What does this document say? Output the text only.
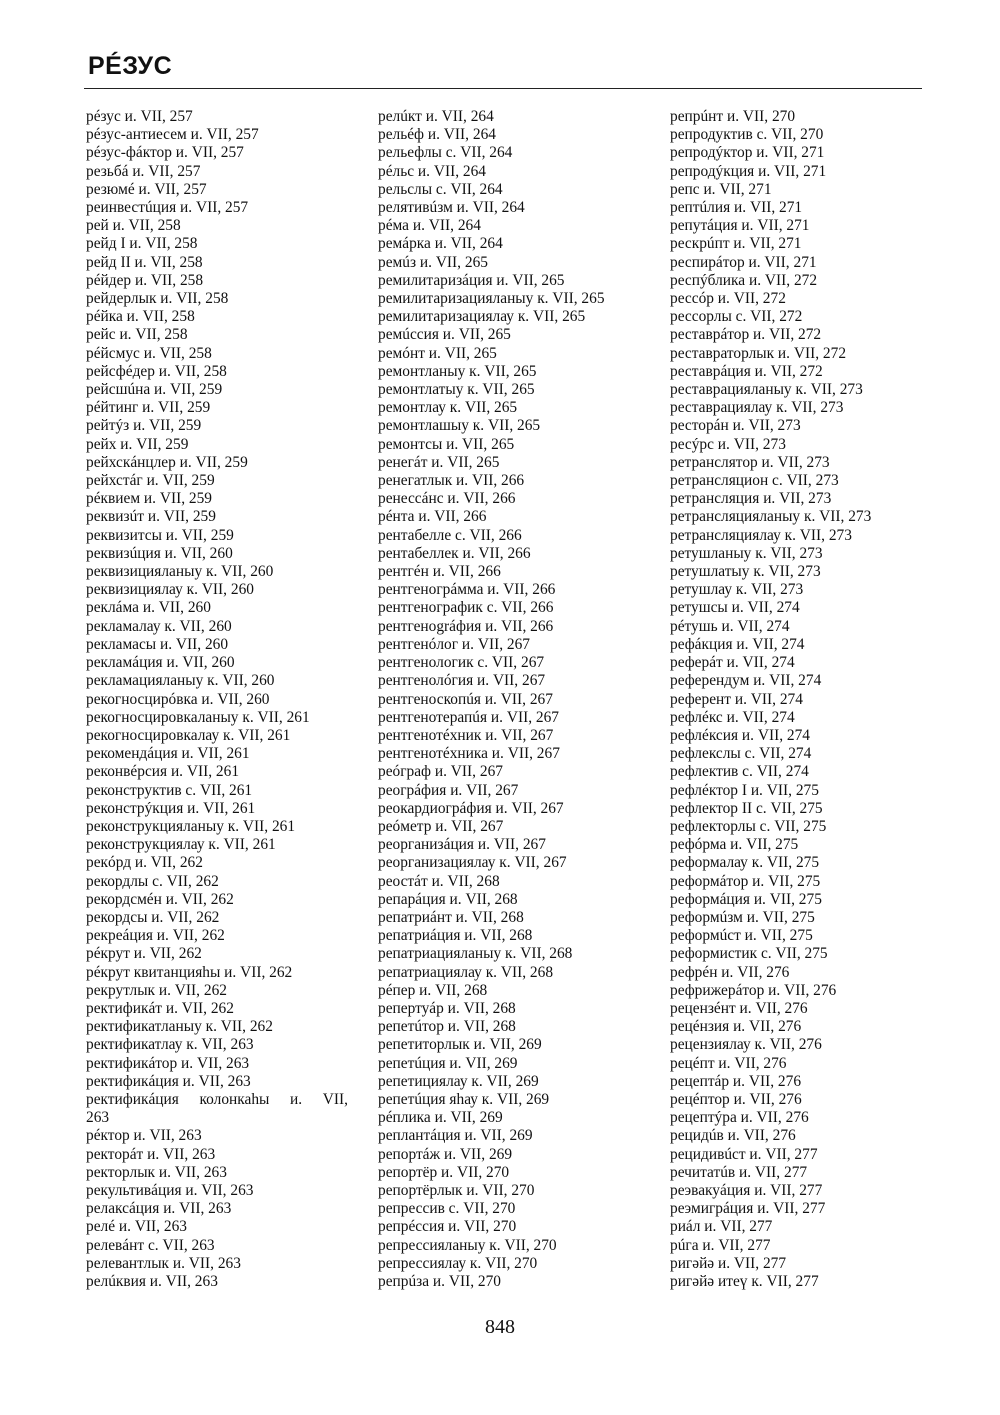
РÉЗУС
рéзус и. VII, 257
рéзус-антиесем и. VII, 257
рéзус-фáктор и. VII, 257
резьбá и. VII, 257
резюмé и. VII, 257
реинвестúция и. VII, 257
рей и. VII, 258
рейд I и. VII, 258
рейд II и. VII, 258
рéйдер и. VII, 258
рейдерлык и. VII, 258
рéйка и. VII, 258
рейс и. VII, 258
рéйсмус и. VII, 258
рейсфéдер и. VII, 258
рейсшúна и. VII, 259
рéйтинг и. VII, 259
рейтýз и. VII, 259
рейх и. VII, 259
рейхскáнцлер и. VII, 259
рейхстáг и. VII, 259
рéквием и. VII, 259
реквизúт и. VII, 259
реквизитсы и. VII, 259
реквизúция и. VII, 260
реквизицияланыу к. VII, 260
реквизициялау к. VII, 260
реклáма и. VII, 260
рекламалау к. VII, 260
рекламасы и. VII, 260
рекламáция и. VII, 260
рекламацияланыу к. VII, 260
рекогносцирóвка и. VII, 260
рекогносцировкаланыу к. VII, 261
рекогносцировкалау к. VII, 261
рекомендáция и. VII, 261
реконвéрсия и. VII, 261
реконструктив с. VII, 261
реконстрýкция и. VII, 261
реконструкцияланыу к. VII, 261
реконструкциялау к. VII, 261
рекóрд и. VII, 262
рекордлы с. VII, 262
рекордсмéн и. VII, 262
рекордсы и. VII, 262
рекреáция и. VII, 262
рéкрут и. VII, 262
рéкрут квитанцияһы и. VII, 262
рекрутлык и. VII, 262
ректификáт и. VII, 262
ректификатланыу к. VII, 262
ректификатлау к. VII, 263
ректификáтор и. VII, 263
ректификáция и. VII, 263
ректификáция колонкаһы и. VII,
263
рéктор и. VII, 263
ректорáт и. VII, 263
ректорлык и. VII, 263
рекультивáция и. VII, 263
релаксáция и. VII, 263
релé и. VII, 263
релевáнт с. VII, 263
релевантлык и. VII, 263
релúквия и. VII, 263
релúкт и. VII, 264
рельéф и. VII, 264
рельефлы с. VII, 264
рéльс и. VII, 264
рельслы с. VII, 264
релятивúзм и. VII, 264
рéма и. VII, 264
ремáрка и. VII, 264
ремúз и. VII, 265
ремилитаризáция и. VII, 265
ремилитаризацияланыу к. VII, 265
ремилитаризациялау к. VII, 265
ремúссия и. VII, 265
ремóнт и. VII, 265
ремонтланыу к. VII, 265
ремонтлатыу к. VII, 265
ремонтлау к. VII, 265
ремонтлашыу к. VII, 265
ремонтсы и. VII, 265
ренегáт и. VII, 265
ренегатлык и. VII, 266
ренессáнс и. VII, 266
рéнта и. VII, 266
рентабелле с. VII, 266
рентабеллек и. VII, 266
рентгéн и. VII, 266
рентгеногрáмма и. VII, 266
рентгенографик с. VII, 266
рентгенográфия и. VII, 266
рентгенóлог и. VII, 267
рентгенологик с. VII, 267
рентгенолóгия и. VII, 267
рентгеноскопúя и. VII, 267
рентгенотерапúя и. VII, 267
рентгенотéхник и. VII, 267
рентгенотéхника и. VII, 267
реóграф и. VII, 267
реогрáфия и. VII, 267
реокардиогрáфия и. VII, 267
реóметр и. VII, 267
реорганизáция и. VII, 267
реорганизациялау к. VII, 267
реостáт и. VII, 268
репарáция и. VII, 268
репатриáнт и. VII, 268
репатриáция и. VII, 268
репатриацияланыу к. VII, 268
репатриациялау к. VII, 268
рéпер и. VII, 268
репертуáр и. VII, 268
репетúтор и. VII, 268
репетиторлык и. VII, 269
репетúция и. VII, 269
репетициялау к. VII, 269
репетúция яһау к. VII, 269
рéплика и. VII, 269
реплантáция и. VII, 269
репортáж и. VII, 269
репортёр и. VII, 270
репортёрлык и. VII, 270
репрессив с. VII, 270
репрéссия и. VII, 270
репрессияланыу к. VII, 270
репрессиялау к. VII, 270
репрúза и. VII, 270
репрúнт и. VII, 270
репродуктив с. VII, 270
репродýктор и. VII, 271
репродýкция и. VII, 271
репс и. VII, 271
рептúлия и. VII, 271
репутáция и. VII, 271
рескрúпт и. VII, 271
респирáтор и. VII, 271
респýблика и. VII, 272
рессóр и. VII, 272
рессорлы с. VII, 272
реставрáтор и. VII, 272
реставраторлык и. VII, 272
реставрáция и. VII, 272
реставрацияланыу к. VII, 273
реставрациялау к. VII, 273
ресторáн и. VII, 273
ресýрс и. VII, 273
ретранслятор и. VII, 273
ретрансляцион с. VII, 273
ретрансляция и. VII, 273
ретрансляцияланыу к. VII, 273
ретрансляциялау к. VII, 273
ретушланыу к. VII, 273
ретушлатыу к. VII, 273
ретушлау к. VII, 273
ретушсы и. VII, 274
рéтушь и. VII, 274
рефáкция и. VII, 274
реферáт и. VII, 274
референдум и. VII, 274
референт и. VII, 274
рефлéкс и. VII, 274
рефлéксия и. VII, 274
рефлекслы с. VII, 274
рефлектив с. VII, 274
рефлéктор I и. VII, 275
рефлектор II с. VII, 275
рефлекторлы с. VII, 275
рефóрма и. VII, 275
реформалау к. VII, 275
реформáтор и. VII, 275
реформáция и. VII, 275
реформúзм и. VII, 275
реформúст и. VII, 275
реформистик с. VII, 275
рефрéн и. VII, 276
рефрижерáтор и. VII, 276
рецензéнт и. VII, 276
рецéнзия и. VII, 276
рецензиялау к. VII, 276
рецéпт и. VII, 276
рецептáр и. VII, 276
рецéптор и. VII, 276
рецептýра и. VII, 276
рецидúв и. VII, 276
рецидивúст и. VII, 277
речитатúв и. VII, 277
реэвакуáция и. VII, 277
реэмигрáция и. VII, 277
риáл и. VII, 277
рúга и. VII, 277
ригәйә и. VII, 277
ригәйә итеү к. VII, 277
848
